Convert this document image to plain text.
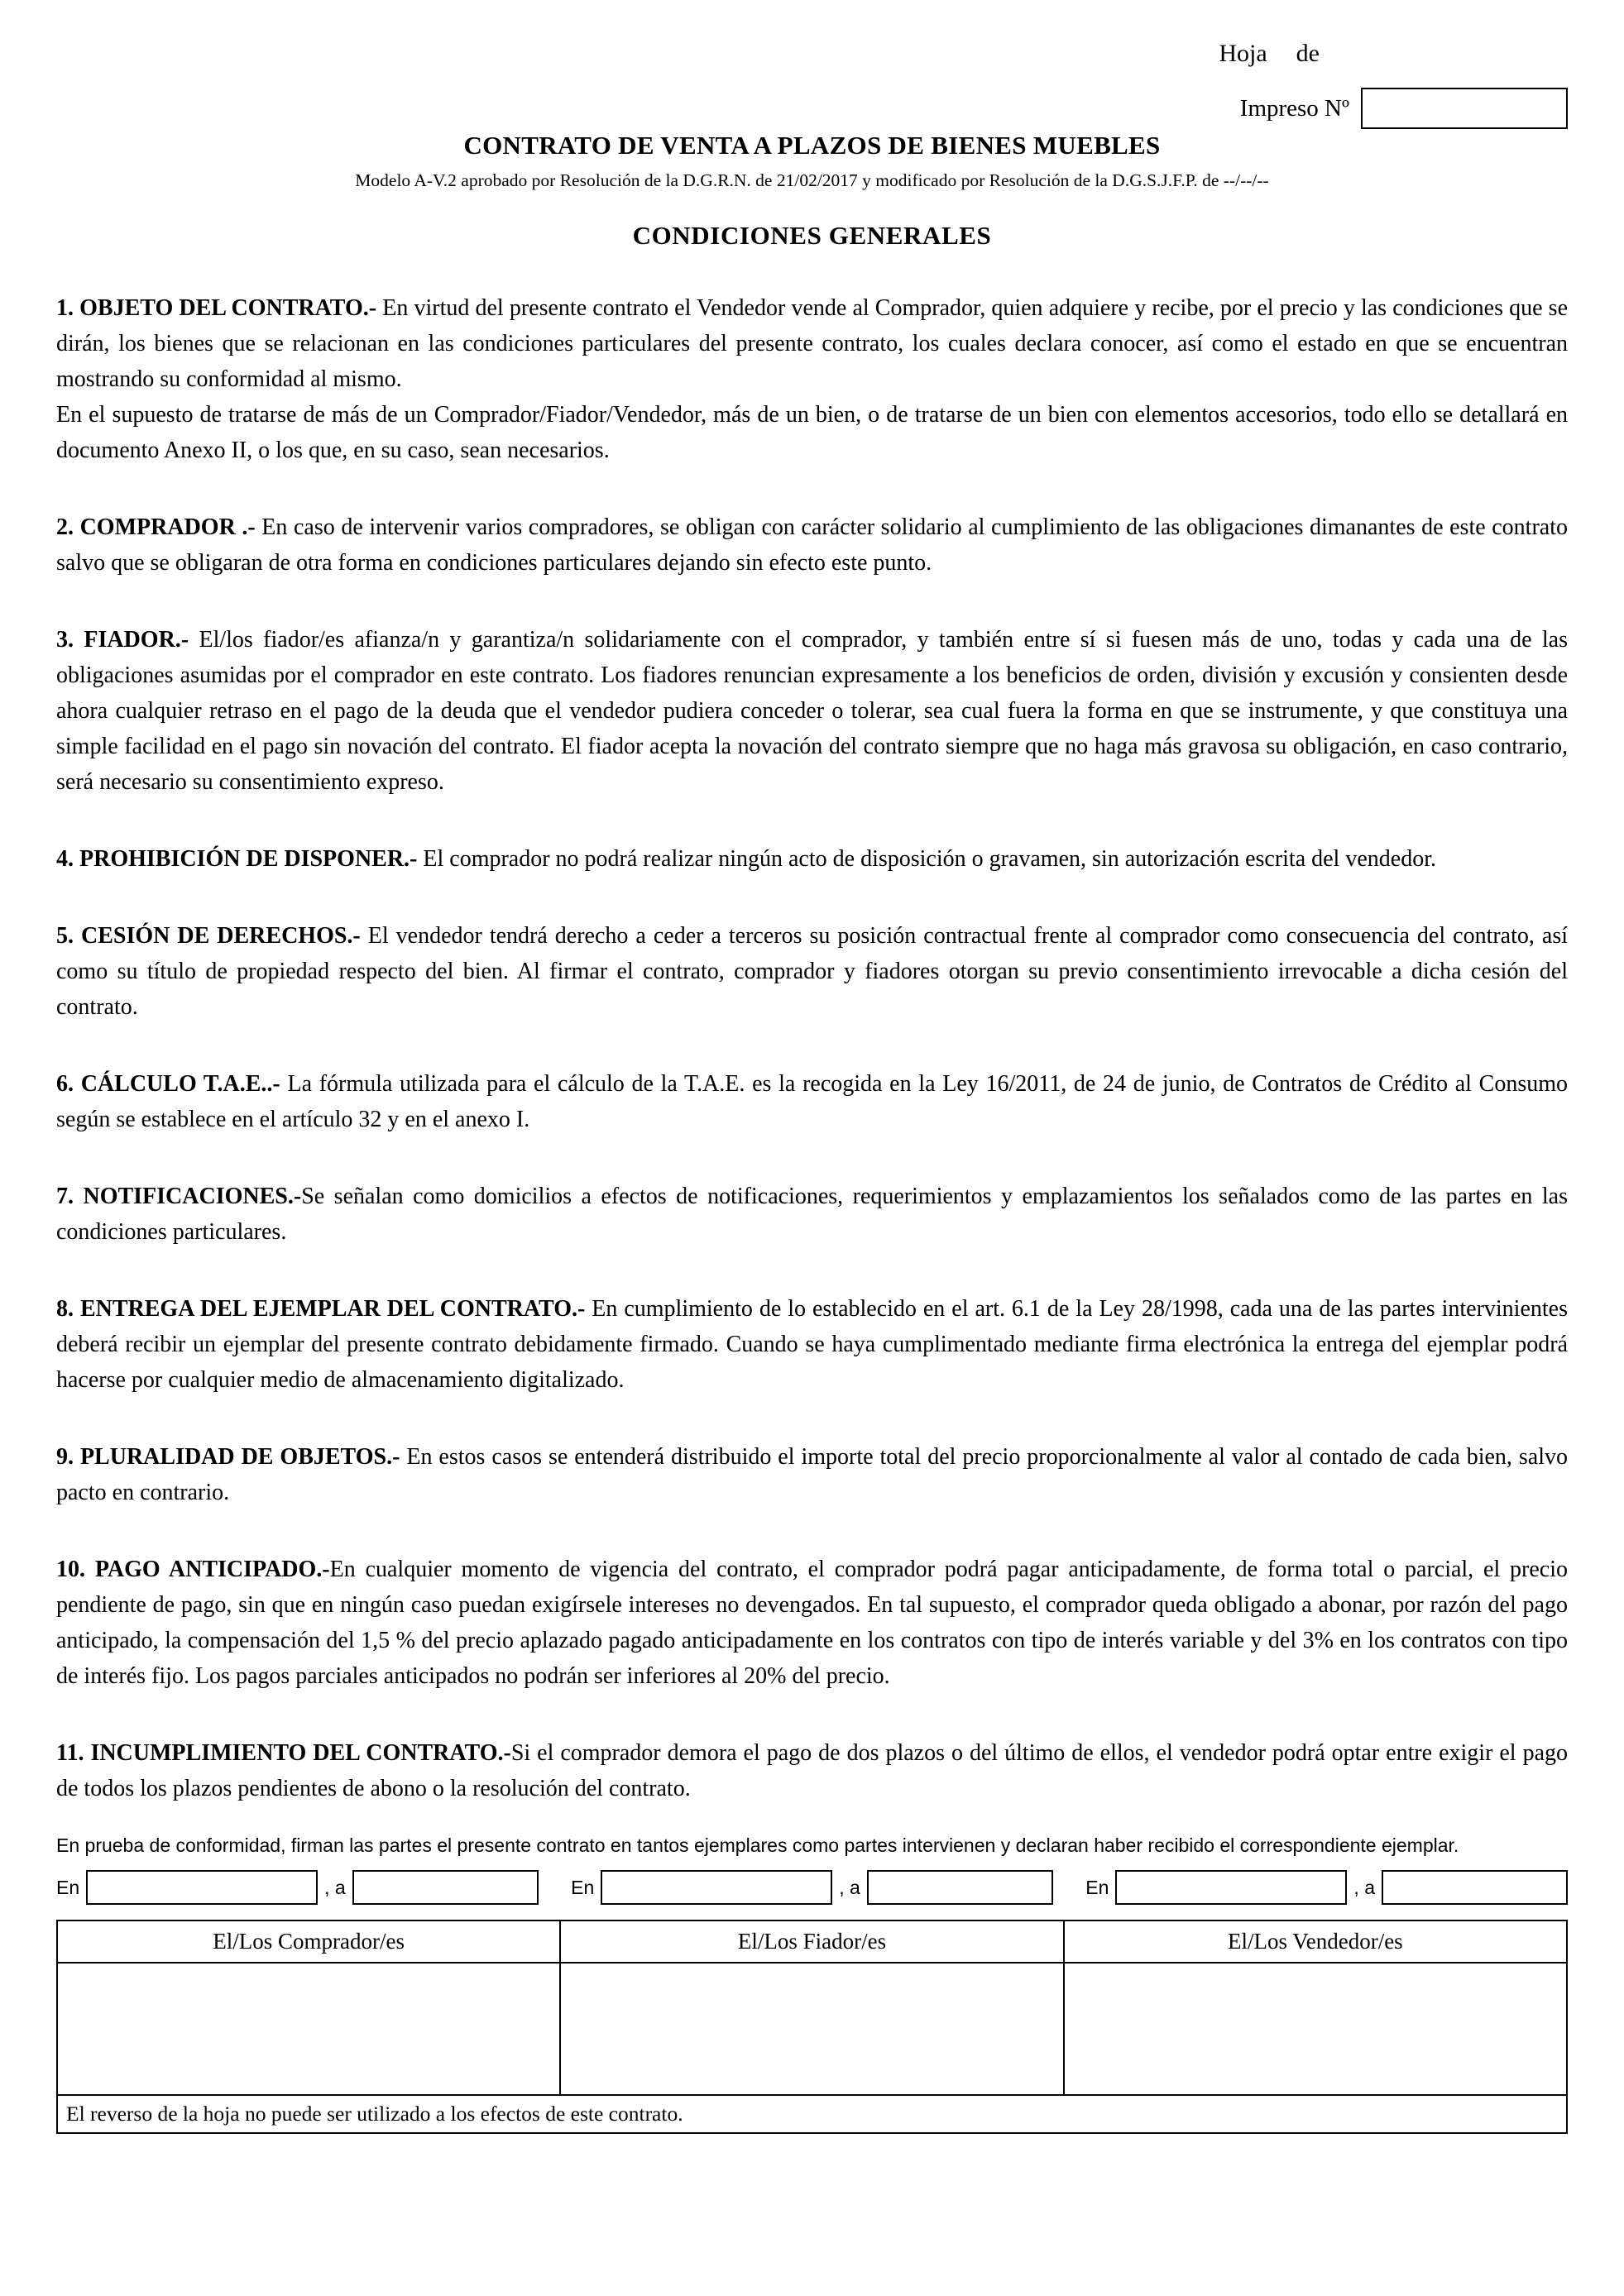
Hoja  de
Impreso Nº
CONTRATO DE VENTA A PLAZOS DE BIENES MUEBLES
Modelo A-V.2 aprobado por Resolución de la D.G.R.N. de 21/02/2017 y modificado por Resolución de la D.G.S.J.F.P. de --/--/--
CONDICIONES GENERALES

1. OBJETO DEL CONTRATO.- En virtud del presente contrato el Vendedor vende al Comprador, quien adquiere y recibe, por el precio y las condiciones que se dirán, los bienes que se relacionan en las condiciones particulares del presente contrato, los cuales declara conocer, así como el estado en que se encuentran mostrando su conformidad al mismo.

En el supuesto de tratarse de más de un Comprador/Fiador/Vendedor, más de un bien, o de tratarse de un bien con elementos accesorios, todo ello se detallará en documento Anexo II, o los que, en su caso, sean necesarios.

2. COMPRADOR .- En caso de intervenir varios compradores, se obligan con carácter solidario al cumplimiento de las obligaciones dimanantes de este contrato salvo que se obligaran de otra forma en condiciones particulares dejando sin efecto este punto.

3. FIADOR.- El/los fiador/es afianza/n y garantiza/n solidariamente con el comprador, y también entre sí si fuesen más de uno, todas y cada una de las obligaciones asumidas por el comprador en este contrato. Los fiadores renuncian expresamente a los beneficios de orden, división y excusión y consienten desde ahora cualquier retraso en el pago de la deuda que el vendedor pudiera conceder o tolerar, sea cual fuera la forma en que se instrumente, y que constituya una simple facilidad en el pago sin novación del contrato. El fiador acepta la novación del contrato siempre que no haga más gravosa su obligación, en caso contrario, será necesario su consentimiento expreso.

4. PROHIBICIÓN DE DISPONER.- El comprador no podrá realizar ningún acto de disposición o gravamen, sin autorización escrita del vendedor.

5. CESIÓN DE DERECHOS.- El vendedor tendrá derecho a ceder a terceros su posición contractual frente al comprador como consecuencia del contrato, así como su título de propiedad respecto del bien. Al firmar el contrato, comprador y fiadores otorgan su previo consentimiento irrevocable a dicha cesión del contrato.

6. CÁLCULO T.A.E..- La fórmula utilizada para el cálculo de la T.A.E. es la recogida en la Ley 16/2011, de 24 de junio, de Contratos de Crédito al Consumo según se establece en el artículo 32 y en el anexo I.

7. NOTIFICACIONES.-Se señalan como domicilios a efectos de notificaciones, requerimientos y emplazamientos los señalados como de las partes en las condiciones particulares.

8. ENTREGA DEL EJEMPLAR DEL CONTRATO.- En cumplimiento de lo establecido en el art. 6.1 de la Ley 28/1998, cada una de las partes intervinientes deberá recibir un ejemplar del presente contrato debidamente firmado. Cuando se haya cumplimentado mediante firma electrónica la entrega del ejemplar podrá hacerse por cualquier medio de almacenamiento digitalizado.

9. PLURALIDAD DE OBJETOS.- En estos casos se entenderá distribuido el importe total del precio proporcionalmente al valor al contado de cada bien, salvo pacto en contrario.

10. PAGO ANTICIPADO.-En cualquier momento de vigencia del contrato, el comprador podrá pagar anticipadamente, de forma total o parcial, el precio pendiente de pago, sin que en ningún caso puedan exigírsele intereses no devengados. En tal supuesto, el comprador queda obligado a abonar, por razón del pago anticipado, la compensación del 1,5 % del precio aplazado pagado anticipadamente en los contratos con tipo de interés variable y del 3% en los contratos con tipo de interés fijo. Los pagos parciales anticipados no podrán ser inferiores al 20% del precio.

11. INCUMPLIMIENTO DEL CONTRATO.-Si el comprador demora el pago de dos plazos o del último de ellos, el vendedor podrá optar entre exigir el pago de todos los plazos pendientes de abono o la resolución del contrato.

En prueba de conformidad, firman las partes el presente contrato en tantos ejemplares como partes intervienen y declaran haber recibido el correspondiente ejemplar.
En	, a	En	, a	En	, a
El/Los Comprador/es	El/Los Fiador/es	El/Los Vendedor/es

El reverso de la hoja no puede ser utilizado a los efectos de este contrato.		
